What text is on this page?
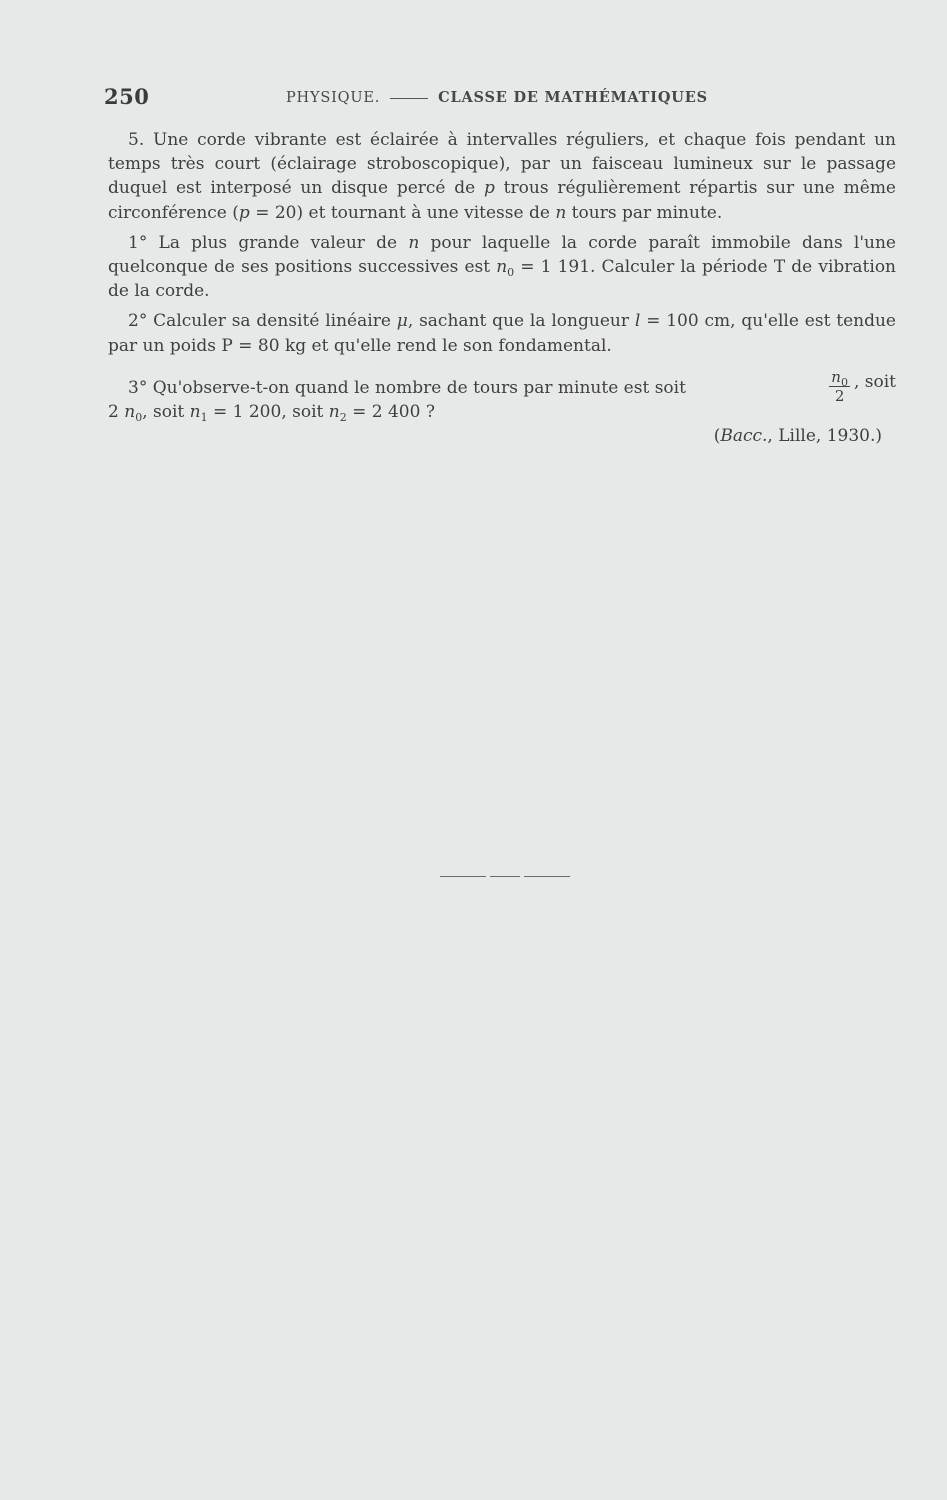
250	PHYSIQUE.	CLASSE DE MATHÉMATIQUES

5. Une corde vibrante est éclairée à intervalles réguliers, et chaque fois pendant un temps très court (éclairage stroboscopique), par un faisceau lumineux sur le passage duquel est interposé un disque percé de p trous régulièrement répartis sur une même circonférence (p = 20) et tournant à une vitesse de n tours par minute.

1° La plus grande valeur de n pour laquelle la corde paraît immobile dans l'une quelconque de ses positions successives est $n_0 = 1$ 191. Calculer la période T de vibration de la corde.

2° Calculer sa densité linéaire μ, sachant que la longueur l = 100 cm, qu'elle est tendue par un poids P = 80 kg et qu'elle rend le son fondamental.

3° Qu'observe-t-on quand le nombre de tours par minute est soit	$\frac{n_0}{2}$ , soit

2 $n_0$, soit $n_1 = 1$ 200, soit $n_2 = 2$ 400 ?

(Bacc., Lille, 1930.)
